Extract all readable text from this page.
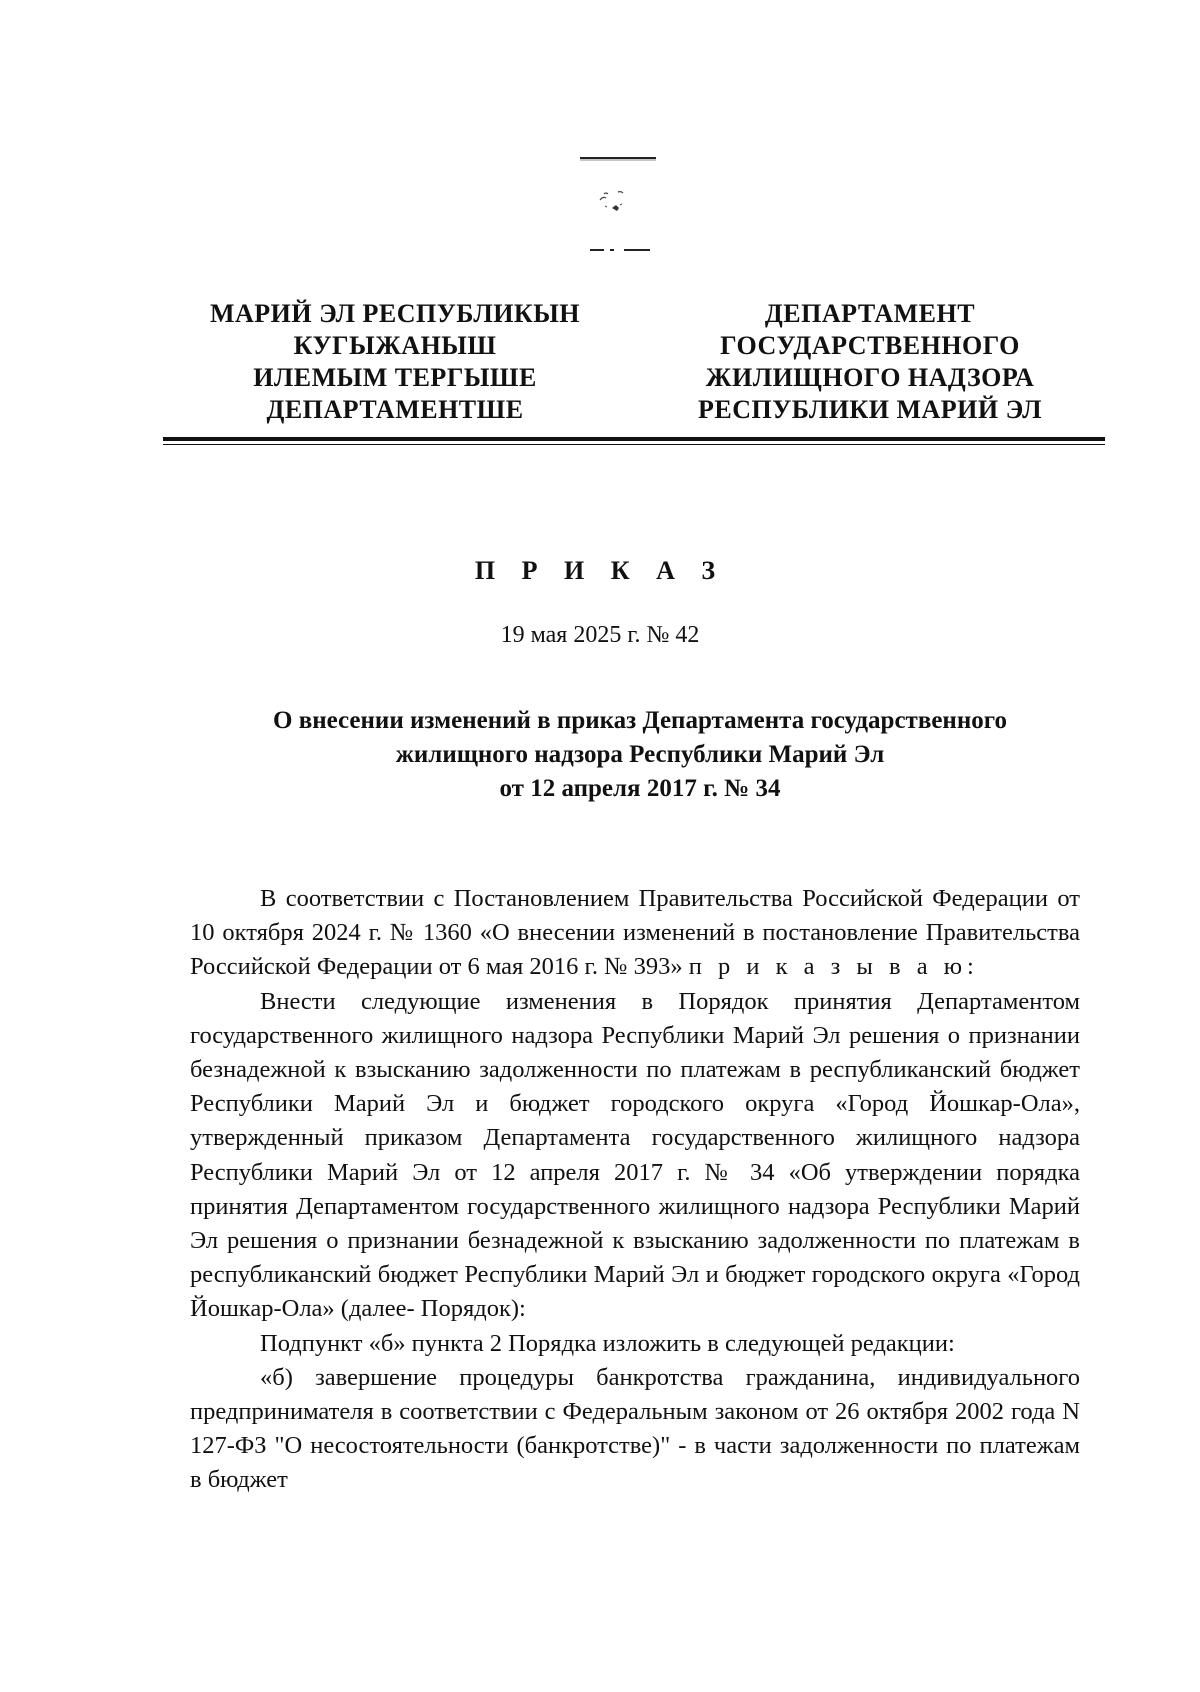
МАРИЙ ЭЛ РЕСПУБЛИКЫН
КУГЫЖАНЫШ
ИЛЕМЫМ ТЕРГЫШЕ
ДЕПАРТАМЕНТШЕ
ДЕПАРТАМЕНТ
ГОСУДАРСТВЕННОГО
ЖИЛИЩНОГО НАДЗОРА
РЕСПУБЛИКИ МАРИЙ ЭЛ
П Р И К А З
19 мая 2025 г. № 42
О внесении изменений в приказ Департамента государственного
жилищного надзора Республики Марий Эл
от 12 апреля 2017 г. № 34

В соответствии с Постановлением Правительства Российской Федерации от 10 октября 2024 г. № 1360 «О внесении изменений в постановление Правительства Российской Федерации от 6 мая 2016 г. № 393» п р и к а з ы в а ю:

Внести следующие изменения в Порядок принятия Департаментом государственного жилищного надзора Республики Марий Эл решения о признании безнадежной к взысканию задолженности по платежам в республиканский бюджет Республики Марий Эл и бюджет городского округа «Город Йошкар-Ола», утвержденный приказом Департамента государственного жилищного надзора Республики Марий Эл от 12 апреля 2017 г. № 34 «Об утверждении порядка принятия Департаментом государственного жилищного надзора Республики Марий Эл решения о признании безнадежной к взысканию задолженности по платежам в республиканский бюджет Республики Марий Эл и бюджет городского округа «Город Йошкар-Ола» (далее- Порядок):

Подпункт «б» пункта 2 Порядка изложить в следующей редакции:

«б) завершение процедуры банкротства гражданина, индивидуального предпринимателя в соответствии с Федеральным законом от 26 октября 2002 года N 127-ФЗ "О несостоятельности (банкротстве)" - в части задолженности по платежам в бюджет
